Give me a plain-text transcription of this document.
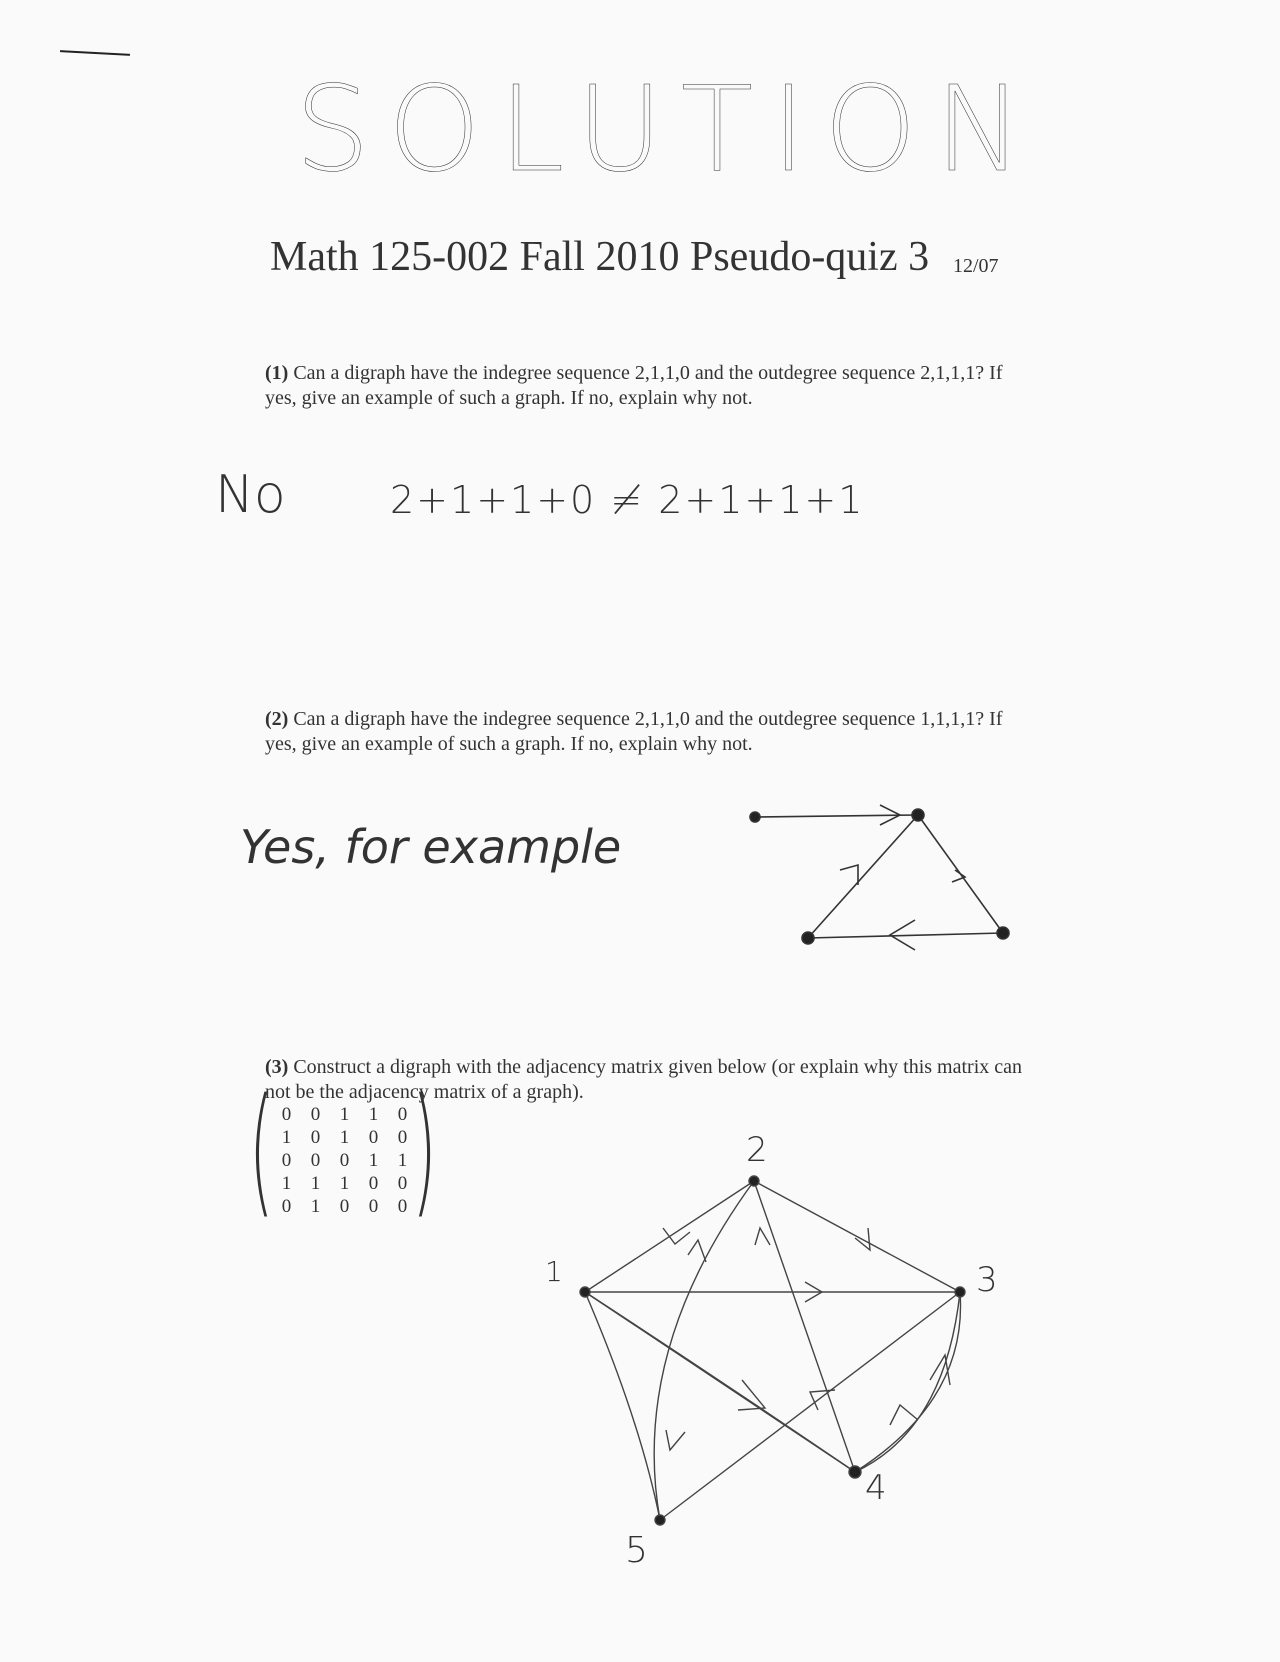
SOLUTION
Math 125-002 Fall 2010 Pseudo-quiz 3 12/07
(1) Can a digraph have the indegree sequence 2,1,1,0 and the outdegree sequence 2,1,1,1? If yes, give an example of such a graph. If no, explain why not.
No	2+1+1+0 ≠ 2+1+1+1
(2) Can a digraph have the indegree sequence 2,1,1,0 and the outdegree sequence 1,1,1,1? If yes, give an example of such a graph. If no, explain why not.
Yes, for example
(3) Construct a digraph with the adjacency matrix given below (or explain why this matrix can not be the adjacency matrix of a graph).
( )
0	0	1	1	0
1	0	1	0	0
0	0	0	1	1
1	1	1	0	0
0	1	0	0	0
1
2
3
4
5
